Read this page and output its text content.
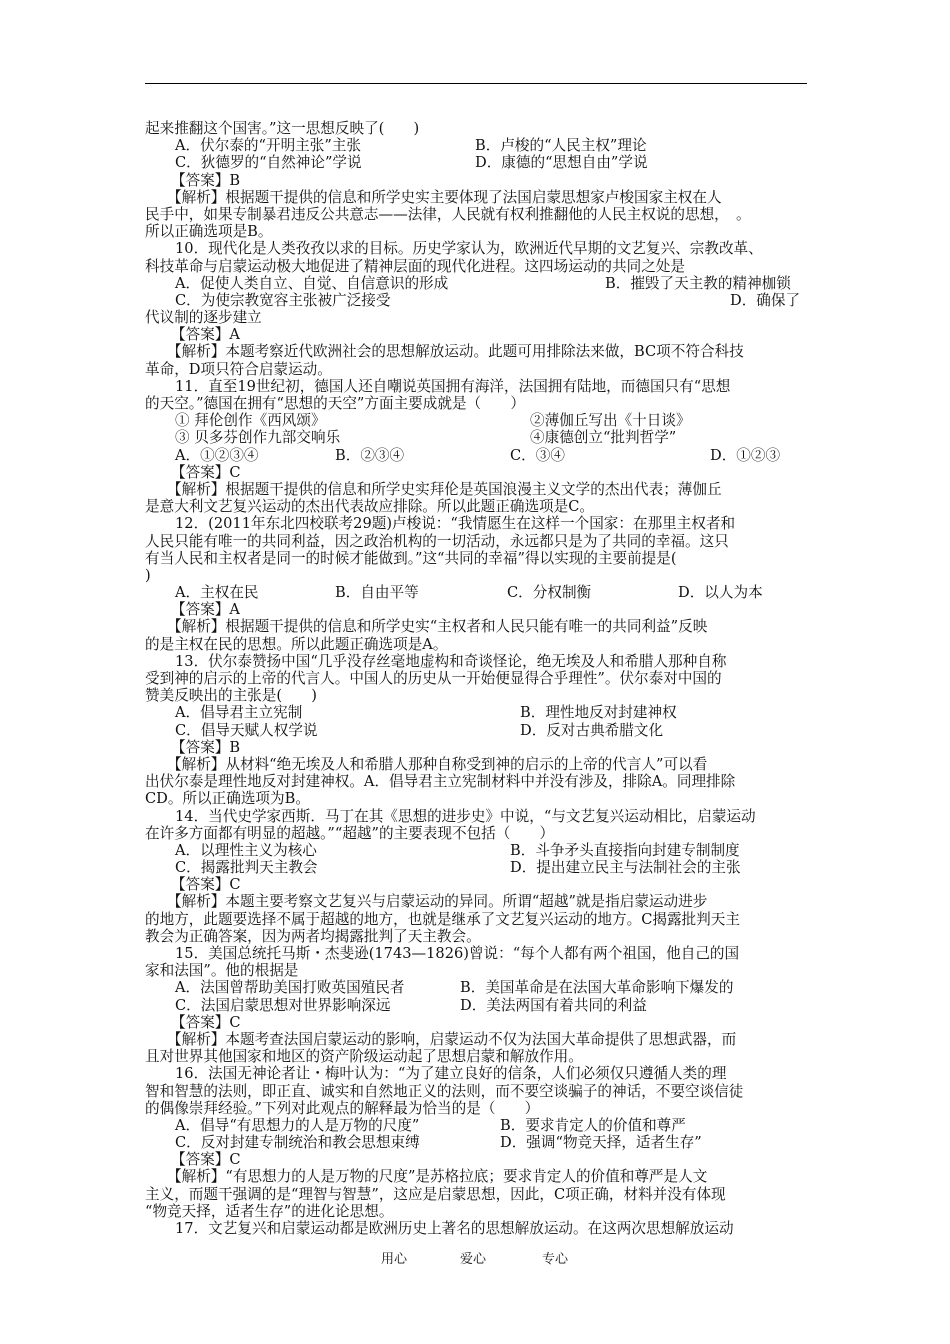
起来推翻这个国害。”这一思想反映了(　　)
A．伏尔泰的“开明主张”主张	B．卢梭的“人民主权”理论
C．狄德罗的“自然神论”学说	D．康德的“思想自由”学说
【答案】B
【解析】根据题干提供的信息和所学史实主要体现了法国启蒙思想家卢梭国家主权在人
民手中，如果专制暴君违反公共意志——法律，人民就有权利推翻他的人民主权说的思想，　。
所以正确选项是B。
10．现代化是人类孜孜以求的目标。历史学家认为，欧洲近代早期的文艺复兴、宗教改革、
科技革命与启蒙运动极大地促进了精神层面的现代化进程。这四场运动的共同之处是
A．促使人类自立、自觉、自信意识的形成	B．摧毁了天主教的精神枷锁
C．为使宗教宽容主张被广泛接受	D．确保了
代议制的逐步建立
【答案】A
【解析】本题考察近代欧洲社会的思想解放运动。此题可用排除法来做，BC项不符合科技
革命，D项只符合启蒙运动。
11．直至19世纪初，德国人还自嘲说英国拥有海洋，法国拥有陆地，而德国只有“思想
的天空。”德国在拥有“思想的天空”方面主要成就是（　　）
① 拜伦创作《西风颂》	②薄伽丘写出《十日谈》
③ 贝多芬创作九部交响乐	④康德创立“批判哲学”
A．①②③④	B．②③④	C．③④	D．①②③
【答案】C
【解析】根据题干提供的信息和所学史实拜伦是英国浪漫主义文学的杰出代表；薄伽丘
是意大利文艺复兴运动的杰出代表故应排除。所以此题正确选项是C。
12．(2011年东北四校联考29题)卢梭说：“我情愿生在这样一个国家：在那里主权者和
人民只能有唯一的共同利益，因之政治机构的一切活动，永远都只是为了共同的幸福。这只
有当人民和主权者是同一的时候才能做到。”这“共同的幸福”得以实现的主要前提是(
)
A．主权在民	B．自由平等	C．分权制衡	D．以人为本
【答案】A
【解析】根据题干提供的信息和所学史实“主权者和人民只能有唯一的共同利益”反映
的是主权在民的思想。所以此题正确选项是A。
13．伏尔泰赞扬中国“几乎没存丝毫地虚构和奇谈怪论，绝无埃及人和希腊人那种自称
受到神的启示的上帝的代言人。中国人的历史从一开始便显得合乎理性”。伏尔泰对中国的
赞美反映出的主张是(　　)
A．倡导君主立宪制	B．理性地反对封建神权
C．倡导天赋人权学说	D．反对古典希腊文化
【答案】B
【解析】从材料“绝无埃及人和希腊人那种自称受到神的启示的上帝的代言人”可以看
出伏尔泰是理性地反对封建神权。A．倡导君主立宪制材料中并没有涉及，排除A。同理排除
CD。所以正确选项为B。
14．当代史学家西斯．马丁在其《思想的进步史》中说，“与文艺复兴运动相比，启蒙运动
在许多方面都有明显的超越。”“超越”的主要表现不包括（　　）
A．以理性主义为核心	B．斗争矛头直接指向封建专制制度
C．揭露批判天主教会	D．提出建立民主与法制社会的主张
【答案】C
【解析】本题主要考察文艺复兴与启蒙运动的异同。所谓“超越”就是指启蒙运动进步
的地方，此题要选择不属于超越的地方，也就是继承了文艺复兴运动的地方。C揭露批判天主
教会为正确答案，因为两者均揭露批判了天主教会。
15．美国总统托马斯・杰斐逊(1743—1826)曾说：“每个人都有两个祖国，他自己的国
家和法国”。他的根据是
A．法国曾帮助美国打败英国殖民者	B．美国革命是在法国大革命影响下爆发的
C．法国启蒙思想对世界影响深远	D．美法两国有着共同的利益
【答案】C
【解析】本题考查法国启蒙运动的影响，启蒙运动不仅为法国大革命提供了思想武器，而
且对世界其他国家和地区的资产阶级运动起了思想启蒙和解放作用。
16．法国无神论者让・梅叶认为：“为了建立良好的信条，人们必须仅只遵循人类的理
智和智慧的法则，即正直、诚实和自然地正义的法则，而不要空谈骗子的神话，不要空谈信徒
的偶像崇拜经验。”下列对此观点的解释最为恰当的是（　　）
A．倡导“有思想力的人是万物的尺度”	B．要求肯定人的价值和尊严
C．反对封建专制统治和教会思想束缚	D．强调“物竞天择，适者生存”
【答案】C
【解析】“有思想力的人是万物的尺度”是苏格拉底；要求肯定人的价值和尊严是人文
主义，而题干强调的是“理智与智慧”，这应是启蒙思想，因此，C项正确，材料并没有体现
“物竞天择，适者生存”的进化论思想。
17．文艺复兴和启蒙运动都是欧洲历史上著名的思想解放运动。在这两次思想解放运动
用心	爱心	专心
